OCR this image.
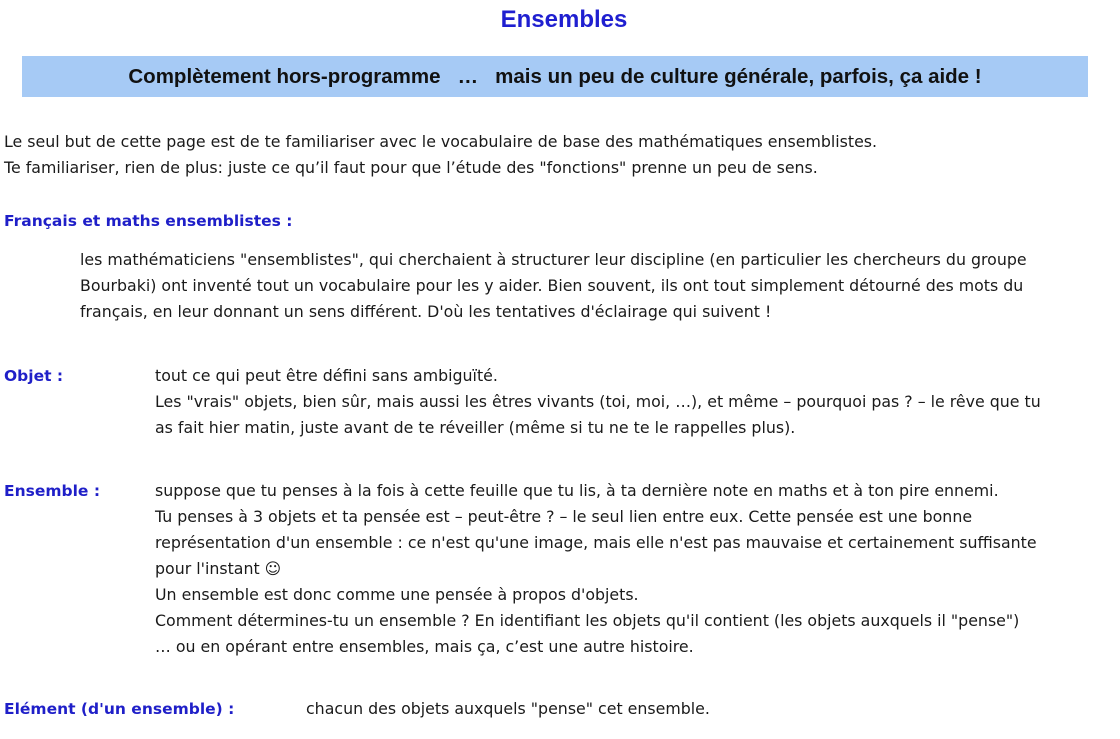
Ensembles
Complètement hors-programme   …   mais un peu de culture générale, parfois, ça aide !
Le seul but de cette page est de te familiariser avec le vocabulaire de base des mathématiques ensemblistes.
Te familiariser, rien de plus: juste ce qu’il faut pour que l’étude des "fonctions" prenne un peu de sens.
Français et maths ensemblistes :
les mathématiciens "ensemblistes", qui cherchaient à structurer leur discipline (en particulier les chercheurs du groupe
Bourbaki) ont inventé tout un vocabulaire pour les y aider. Bien souvent, ils ont tout simplement détourné des mots du
français, en leur donnant un sens différent. D'où les tentatives d'éclairage qui suivent !
Objet :	tout ce qui peut être défini sans ambiguïté.
Les "vrais" objets, bien sûr, mais aussi les êtres vivants (toi, moi, …), et même – pourquoi pas ? – le rêve que tu
as fait hier matin, juste avant de te réveiller (même si tu ne te le rappelles plus).
Ensemble :	suppose que tu penses à la fois à cette feuille que tu lis, à ta dernière note en maths et à ton pire ennemi.
Tu penses à 3 objets et ta pensée est – peut-être ? – le seul lien entre eux. Cette pensée est une bonne
représentation d'un ensemble : ce n'est qu'une image, mais elle n'est pas mauvaise et certainement suffisante
pour l'instant ☺
Un ensemble est donc comme une pensée à propos d'objets.
Comment détermines-tu un ensemble ? En identifiant les objets qu'il contient (les objets auxquels il "pense")
… ou en opérant entre ensembles, mais ça, c’est une autre histoire.
Elément (d'un ensemble) :	chacun des objets auxquels "pense" cet ensemble.
